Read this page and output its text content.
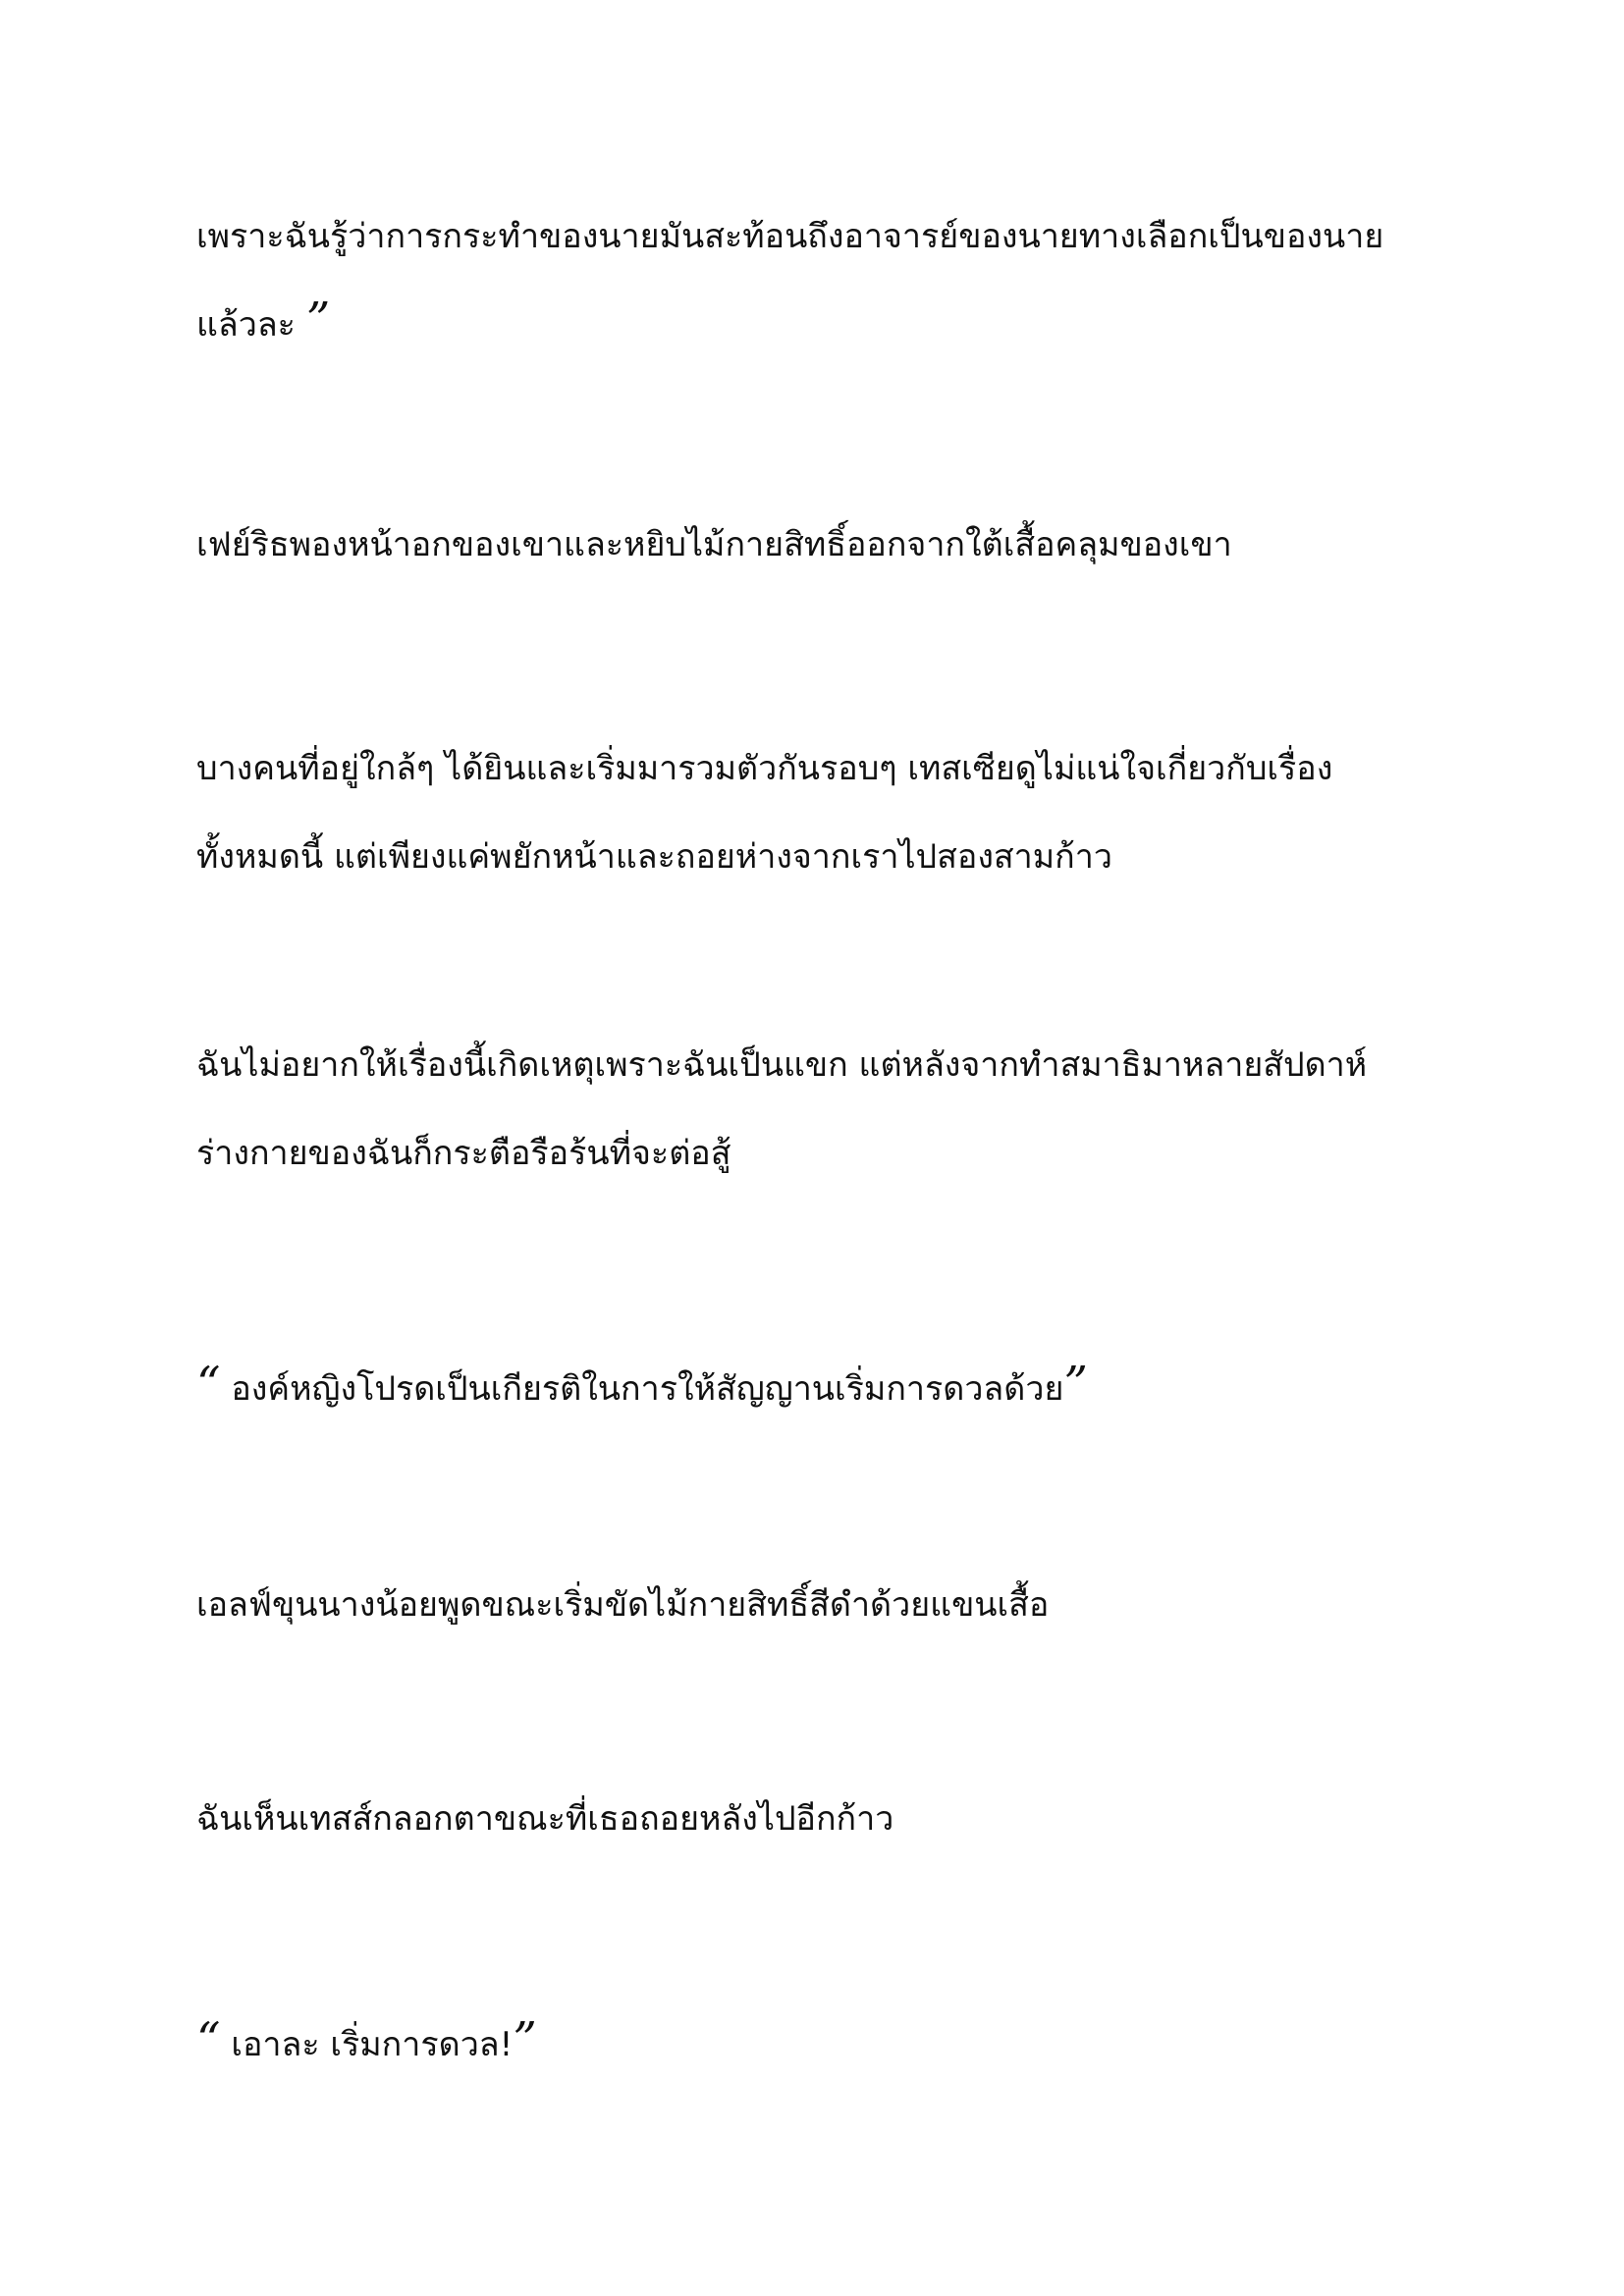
เพราะฉันรู้ว่าการกระทำของนายมันสะท้อนถึงอาจารย์ของนายทางเลือกเป็นของนาย
แล้วละ ”

เฟย์ริธพองหน้าอกของเขาและหยิบไม้กายสิทธิ์ออกจากใต้เสื้อคลุมของเขา

บางคนที่อยู่ใกล้ๆ ได้ยินและเริ่มมารวมตัวกันรอบๆ เทสเซียดูไม่แน่ใจเกี่ยวกับเรื่อง
ทั้งหมดนี้ แต่เพียงแค่พยักหน้าและถอยห่างจากเราไปสองสามก้าว

ฉันไม่อยากให้เรื่องนี้เกิดเหตุเพราะฉันเป็นแขก แต่หลังจากทำสมาธิมาหลายสัปดาห์
ร่างกายของฉันก็กระตือรือร้นที่จะต่อสู้

“ องค์หญิงโปรดเป็นเกียรติในการให้สัญญานเริ่มการดวลด้วย”

เอลฟ์ขุนนางน้อยพูดขณะเริ่มขัดไม้กายสิทธิ์สีดำด้วยแขนเสื้อ

ฉันเห็นเทสส์กลอกตาขณะที่เธอถอยหลังไปอีกก้าว

“ เอาละ เริ่มการดวล!”
